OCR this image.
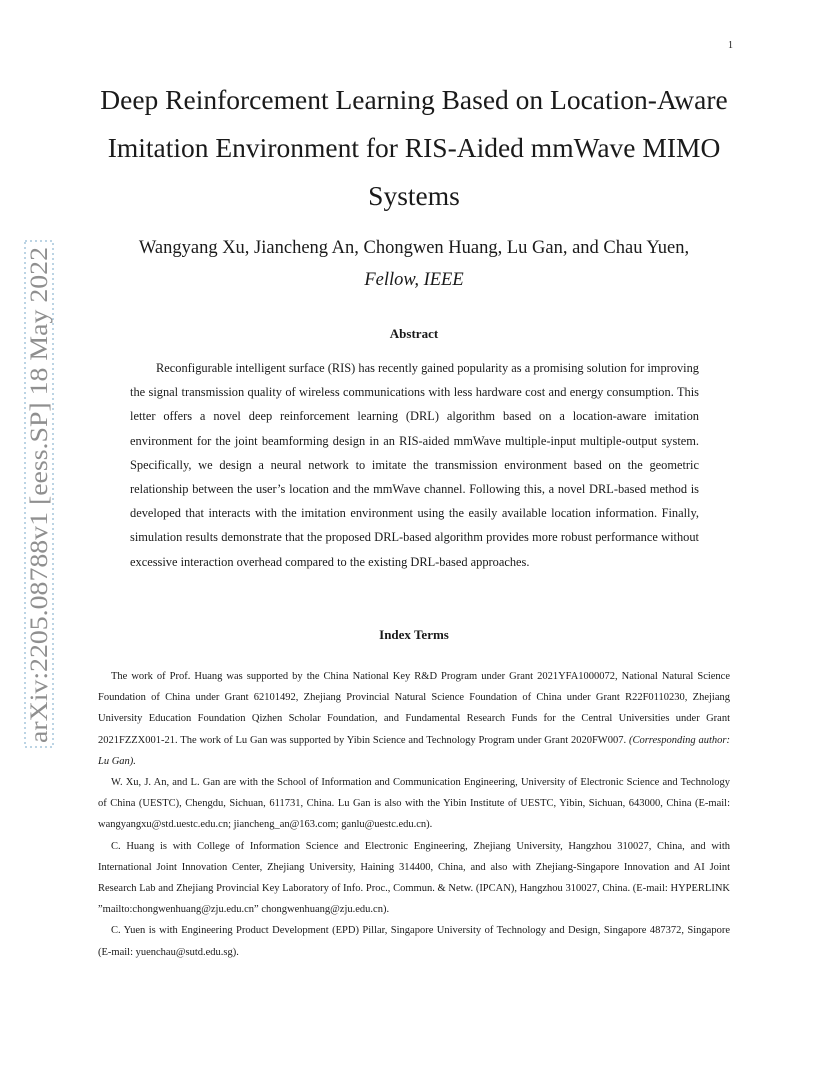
1
arXiv:2205.08788v1 [eess.SP] 18 May 2022
Deep Reinforcement Learning Based on Location-Aware Imitation Environment for RIS-Aided mmWave MIMO Systems
Wangyang Xu, Jiancheng An, Chongwen Huang, Lu Gan, and Chau Yuen,
Fellow, IEEE
Abstract

Reconfigurable intelligent surface (RIS) has recently gained popularity as a promising solution for improving the signal transmission quality of wireless communications with less hardware cost and energy consumption. This letter offers a novel deep reinforcement learning (DRL) algorithm based on a location-aware imitation environment for the joint beamforming design in an RIS-aided mmWave multiple-input multiple-output system. Specifically, we design a neural network to imitate the transmission environment based on the geometric relationship between the user’s location and the mmWave channel. Following this, a novel DRL-based method is developed that interacts with the imitation environment using the easily available location information. Finally, simulation results demonstrate that the proposed DRL-based algorithm provides more robust performance without excessive interaction overhead compared to the existing DRL-based approaches.

Index Terms

The work of Prof. Huang was supported by the China National Key R&D Program under Grant 2021YFA1000072, National Natural Science Foundation of China under Grant 62101492, Zhejiang Provincial Natural Science Foundation of China under Grant R22F0110230, Zhejiang University Education Foundation Qizhen Scholar Foundation, and Fundamental Research Funds for the Central Universities under Grant 2021FZZX001-21. The work of Lu Gan was supported by Yibin Science and Technology Program under Grant 2020FW007. (Corresponding author: Lu Gan).

W. Xu, J. An, and L. Gan are with the School of Information and Communication Engineering, University of Electronic Science and Technology of China (UESTC), Chengdu, Sichuan, 611731, China. Lu Gan is also with the Yibin Institute of UESTC, Yibin, Sichuan, 643000, China (E-mail: wangyangxu@std.uestc.edu.cn; jiancheng_an@163.com; ganlu@uestc.edu.cn).

C. Huang is with College of Information Science and Electronic Engineering, Zhejiang University, Hangzhou 310027, China, and with International Joint Innovation Center, Zhejiang University, Haining 314400, China, and also with Zhejiang-Singapore Innovation and AI Joint Research Lab and Zhejiang Provincial Key Laboratory of Info. Proc., Commun. & Netw. (IPCAN), Hangzhou 310027, China. (E-mail: HYPERLINK ”mailto:chongwenhuang@zju.edu.cn” chongwenhuang@zju.edu.cn).

C. Yuen is with Engineering Product Development (EPD) Pillar, Singapore University of Technology and Design, Singapore 487372, Singapore (E-mail: yuenchau@sutd.edu.sg).
